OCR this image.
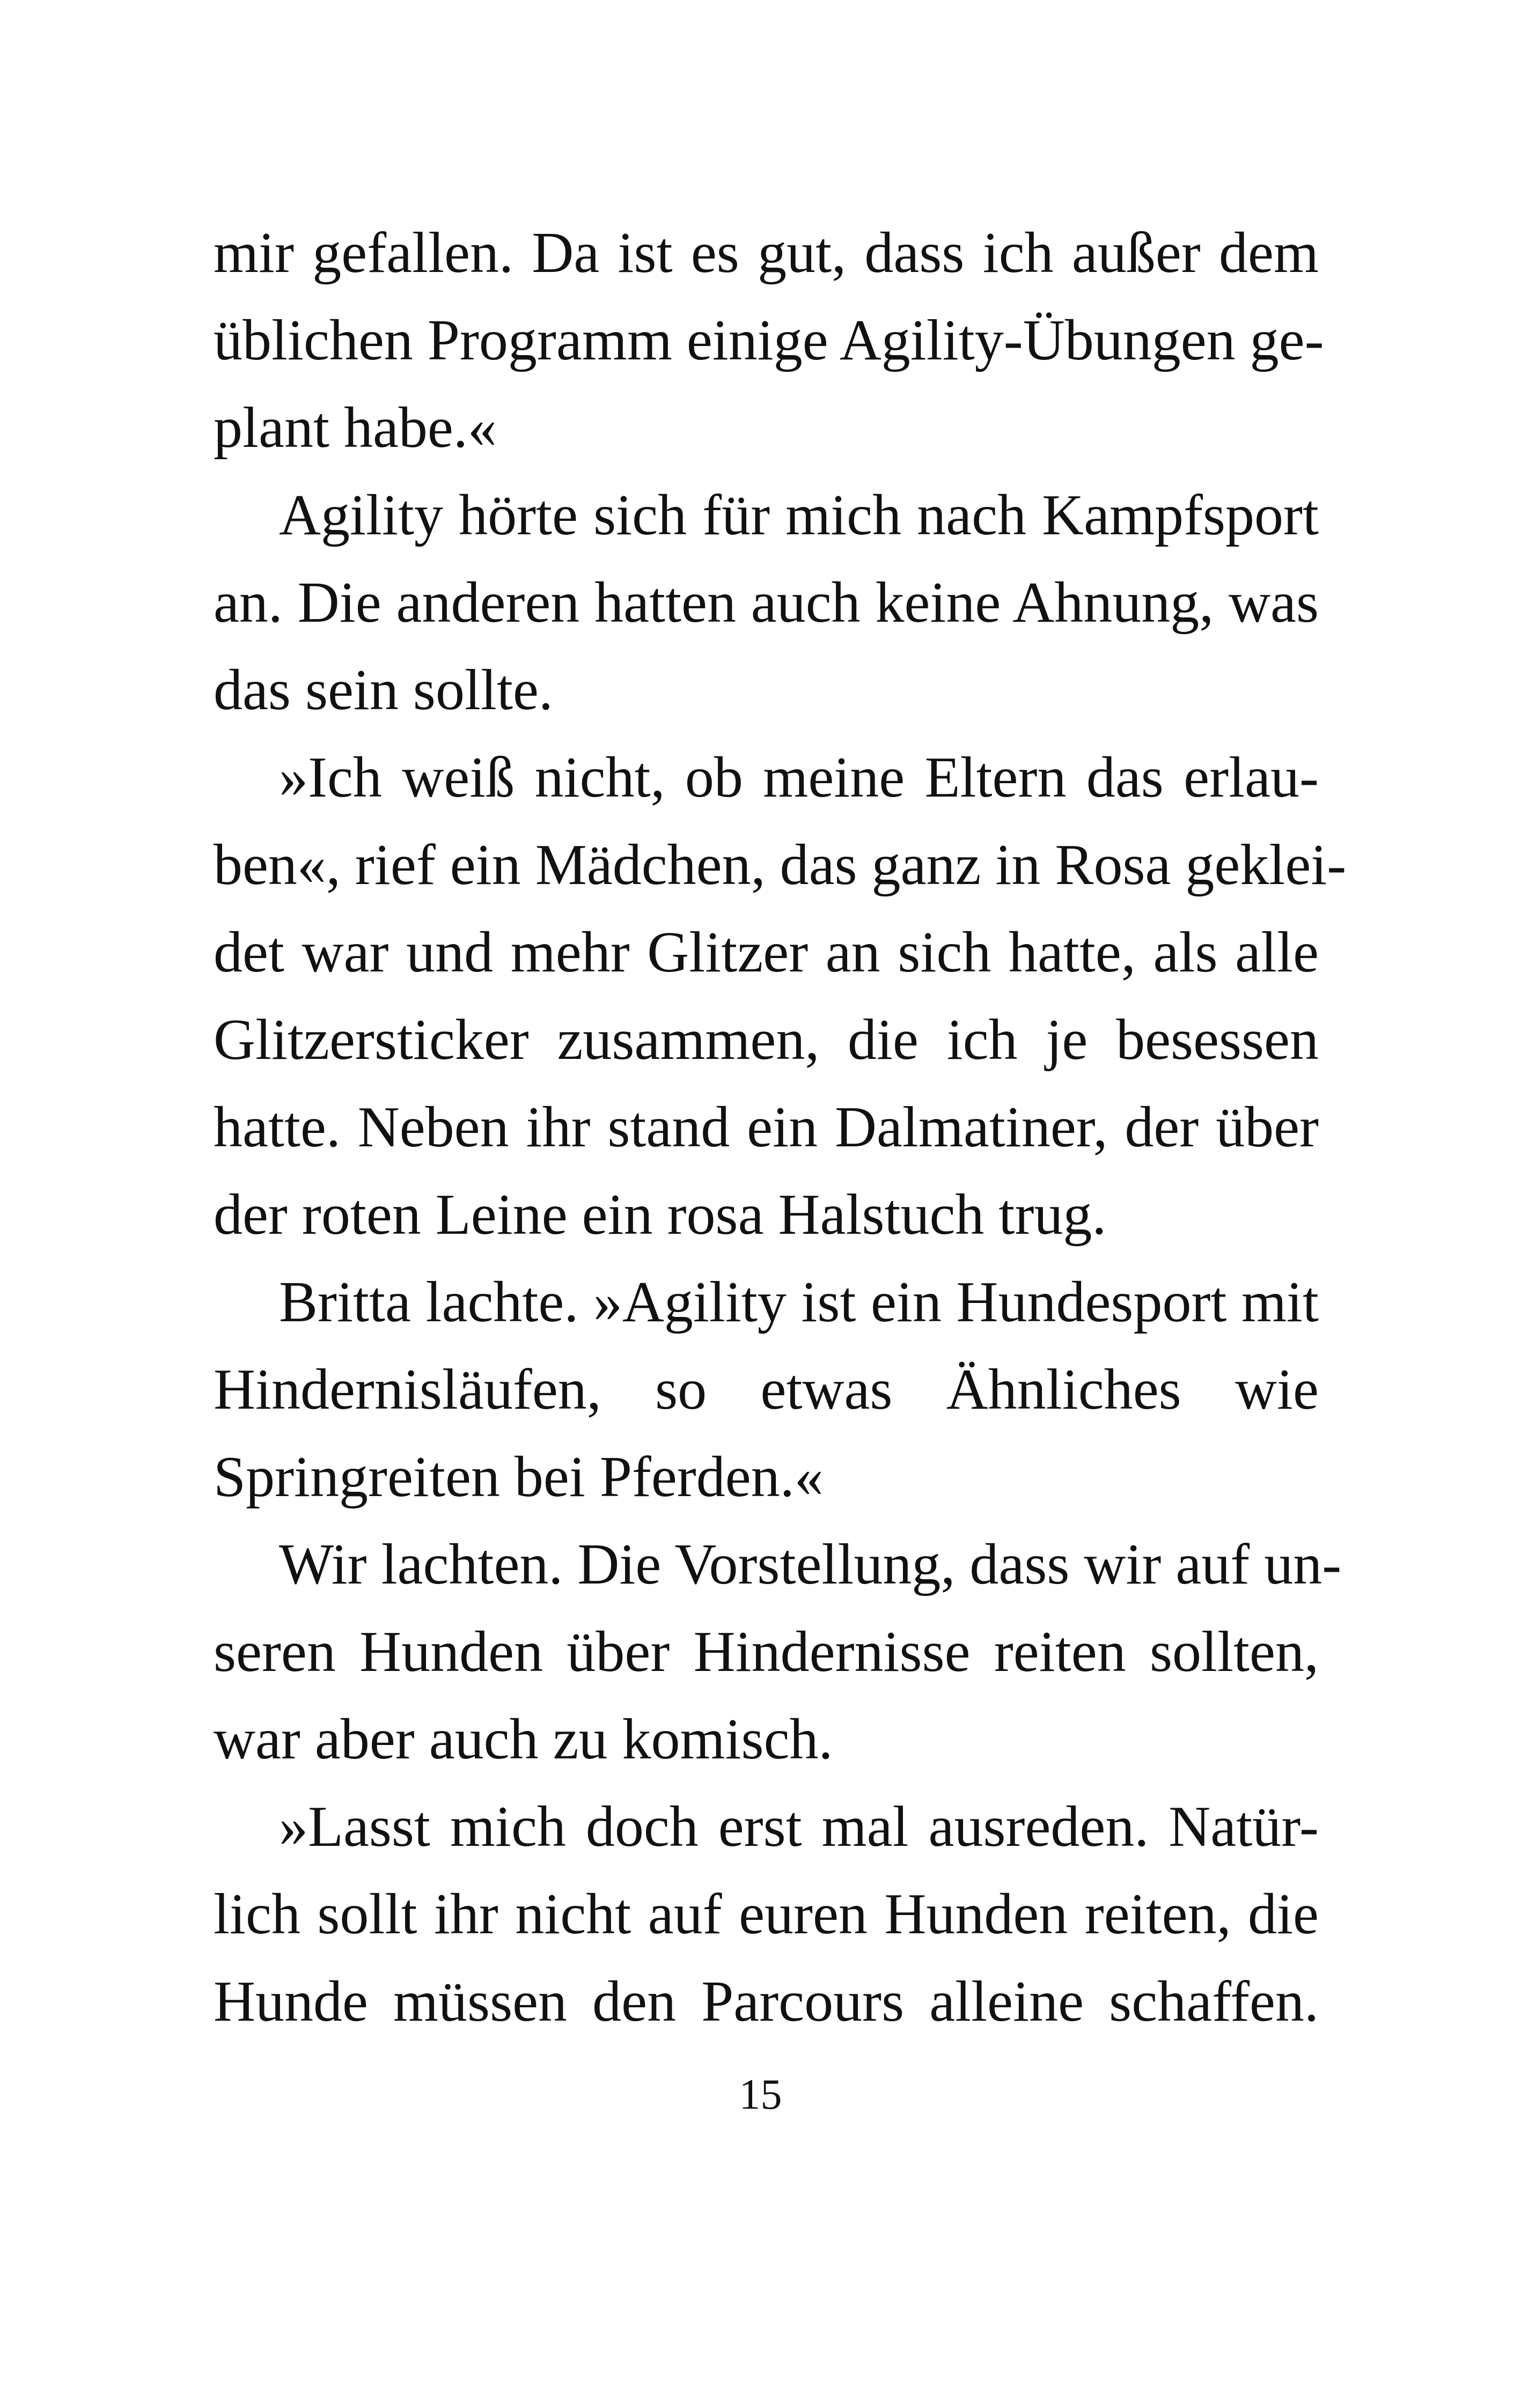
mir gefallen. Da ist es gut, dass ich außer dem
üblichen Programm einige Agility-Übungen ge-
plant habe.«
Agility hörte sich für mich nach Kampfsport
an. Die anderen hatten auch keine Ahnung, was
das sein sollte.
»Ich weiß nicht, ob meine Eltern das erlau-
ben«, rief ein Mädchen, das ganz in Rosa geklei-
det war und mehr Glitzer an sich hatte, als alle
Glitzersticker zusammen, die ich je besessen
hatte. Neben ihr stand ein Dalmatiner, der über
der roten Leine ein rosa Halstuch trug.
Britta lachte. »Agility ist ein Hundesport mit
Hindernisläufen, so etwas Ähnliches wie
Springreiten bei Pferden.«
Wir lachten. Die Vorstellung, dass wir auf un-
seren Hunden über Hindernisse reiten sollten,
war aber auch zu komisch.
»Lasst mich doch erst mal ausreden. Natür-
lich sollt ihr nicht auf euren Hunden reiten, die
Hunde müssen den Parcours alleine schaffen.
15
